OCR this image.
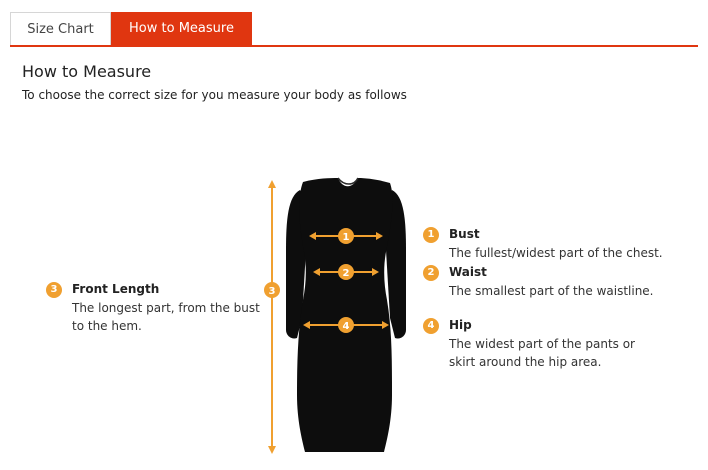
Size Chart	How to Measure
How to Measure
To choose the correct size for you measure your body as follows
1
2
3
4
3	Front Length
The longest part, from the bust to the hem.
1	Bust
The fullest/widest part of the chest.
2	Waist
The smallest part of the waistline.
4	Hip
The widest part of the pants or skirt around the hip area.
